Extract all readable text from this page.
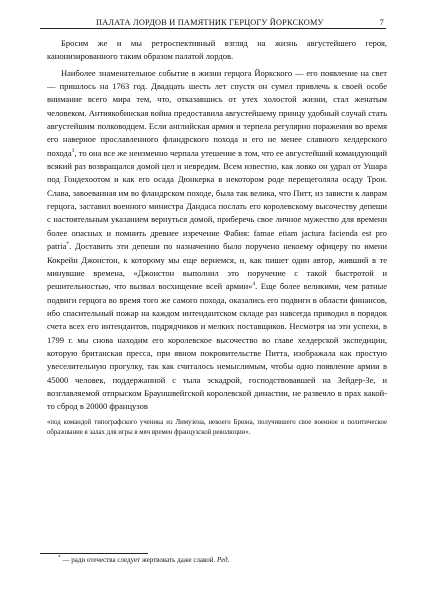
ПАЛАТА ЛОРДОВ И ПАМЯТНИК ГЕРЦОГУ ЙОРКСКОМУ	7

Бросим же и мы ретроспективный взгляд на жизнь августейшего героя, канонизированного таким образом палатой лордов.

Наиболее знаменательное событие в жизни герцога Йоркского — его появление на свет — пришлось на 1763 год. Двадцать шесть лет спустя он сумел привлечь к своей особе внимание всего мира тем, что, отказавшись от утех холостой жизни, стал женатым человеком. Антиякобинская война предоставила августейшему принцу удобный случай стать августейшим полководцем. Если английская армия и терпела регулярно поражения во время его наверное прославленного фландрского похода и его не менее славного хелдерского похода$^3$, то она все же неизменно черпала утешение в том, что ее августейший командующий всякий раз возвращался домой цел и невредим. Всем известно, как ловко он удрал от Ушара под Гондехоотом и как его осада Дюнкерка в некотором роде перещеголяла осаду Трои. Слава, завоеванная им во фландрском походе, была так велика, что Питт, из зависти к лаврам герцога, заставил военного министра Дандаса послать его королевскому высочеству депеши с настоятельным указанием вернуться домой, приберечь свое личное мужество для времени более опасных и помнить древнее изречение Фабия: famae etiam jactura facienda est pro patria*. Доставить эти депеши по назначению было поручено некоему офицеру по имени Кокрейн Джонстон, к которому мы еще вернемся, и, как пишет один автор, живший в те минувшие времена, «Джонстон выполнил это поручение с такой быстротой и решительностью, что вызвал восхищение всей армии»$^4$. Еще более великими, чем ратные подвиги герцога во время того же самого похода, оказались его подвиги в области финансов, ибо спасительный пожар на каждом интендантском складе раз навсегда приводил в порядок счета всех его интендантов, подрядчиков и мелких поставщиков. Несмотря на эти успехи, в 1799 г. мы снова находим его королевское высочество во главе хелдерской экспедиции, которую британская пресса, при явном покровительстве Питта, изображала как простую увеселительную прогулку, так как считалось немыслимым, чтобы одно появление армии в 45000 человек, поддержанной с тыла эскадрой, господствовавшей на Зейдер-Зе, и возглавляемой отпрыском Брауншвейгской королевской династии, не развеяло в прах какой-то сброд в 20000 французов

«под командой типографского ученика из Лимузена, некоего Брюна, получившего свое военное и политическое образование в залах для игры в мяч времен французской революции».

* — ради отечества следует жертвовать даже славой. Ред.
